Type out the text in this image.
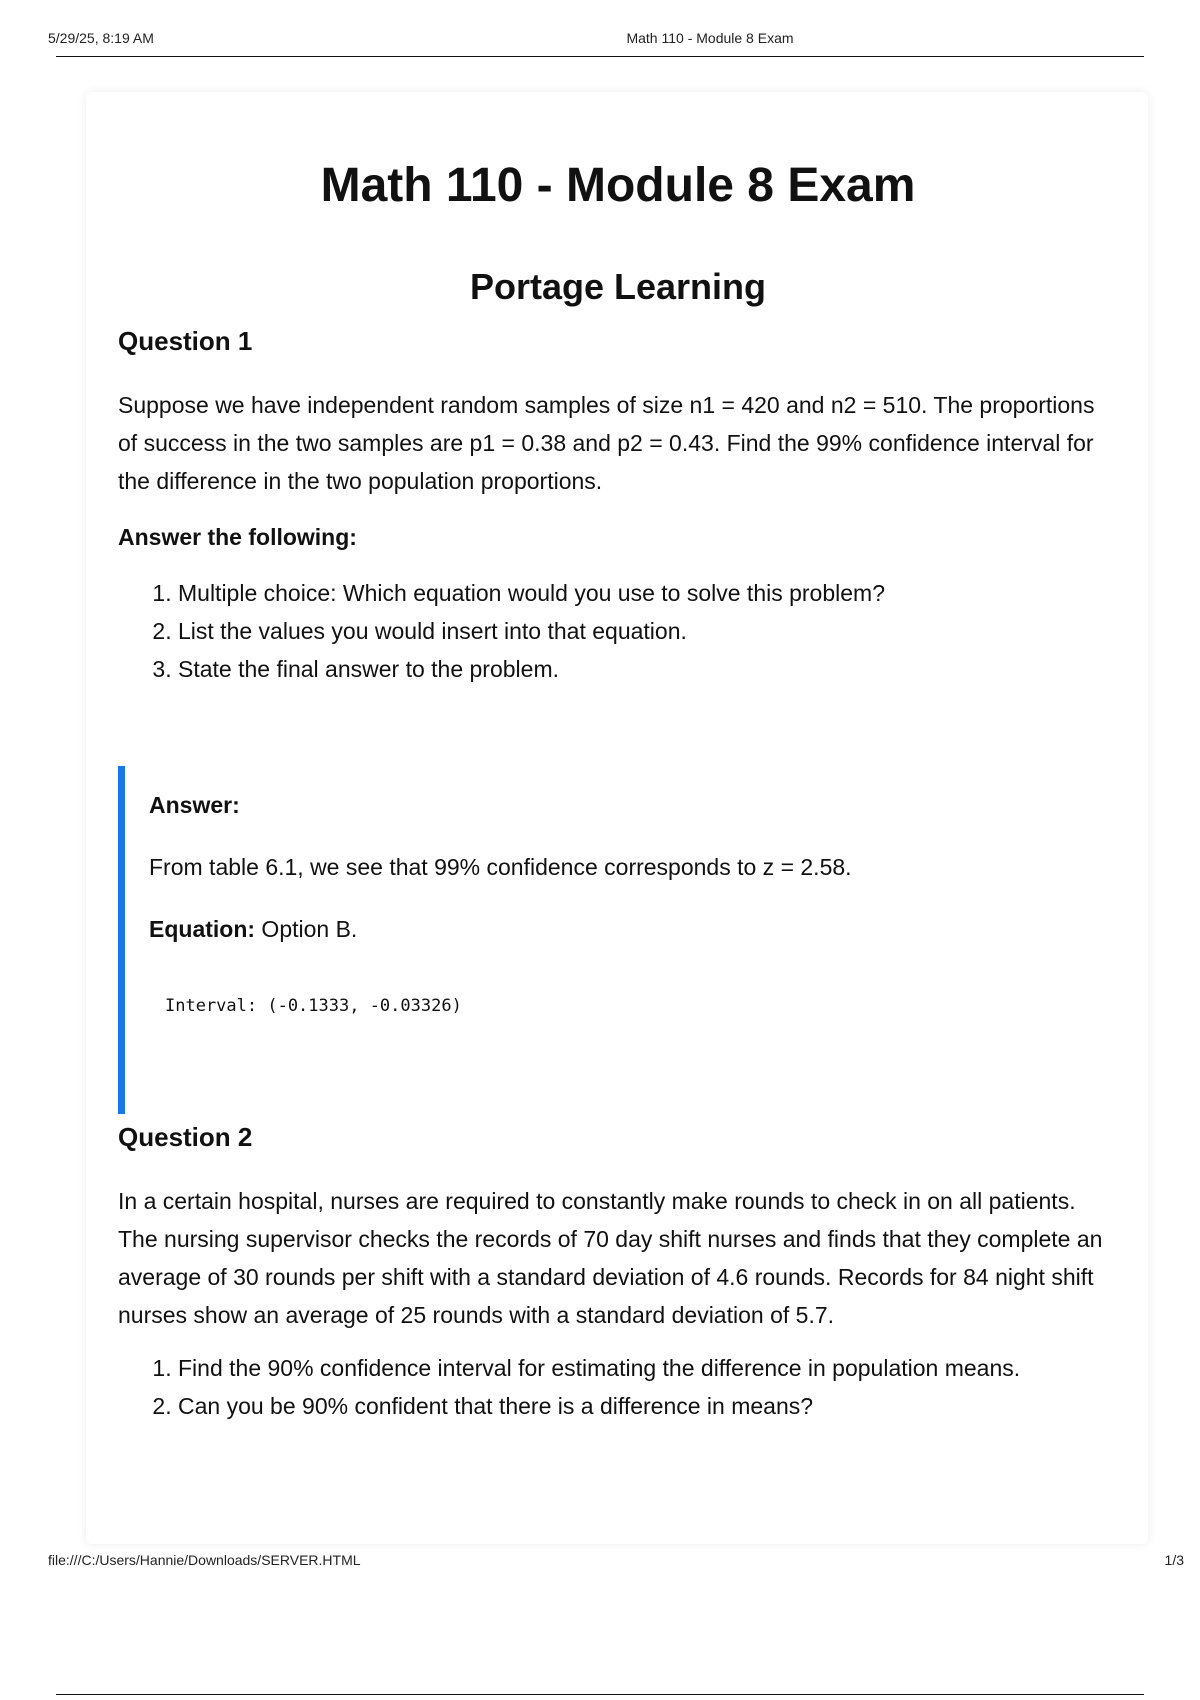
5/29/25, 8:19 AM	Math 110 - Module 8 Exam
Math 110 - Module 8 Exam
Portage Learning
Question 1

Suppose we have independent random samples of size n1 = 420 and n2 = 510. The proportions of success in the two samples are p1 = 0.38 and p2 = 0.43. Find the 99% confidence interval for the difference in the two population proportions.

Answer the following:
1. Multiple choice: Which equation would you use to solve this problem?
2. List the values you would insert into that equation.
3. State the final answer to the problem.
Answer:
From table 6.1, we see that 99% confidence corresponds to z = 2.58.
Equation: Option B.
Interval: (-0.1333, -0.03326)
Question 2

In a certain hospital, nurses are required to constantly make rounds to check in on all patients. The nursing supervisor checks the records of 70 day shift nurses and finds that they complete an average of 30 rounds per shift with a standard deviation of 4.6 rounds. Records for 84 night shift nurses show an average of 25 rounds with a standard deviation of 5.7.

1. Find the 90% confidence interval for estimating the difference in population means.
2. Can you be 90% confident that there is a difference in means?
file:///C:/Users/Hannie/Downloads/SERVER.HTML	1/3
